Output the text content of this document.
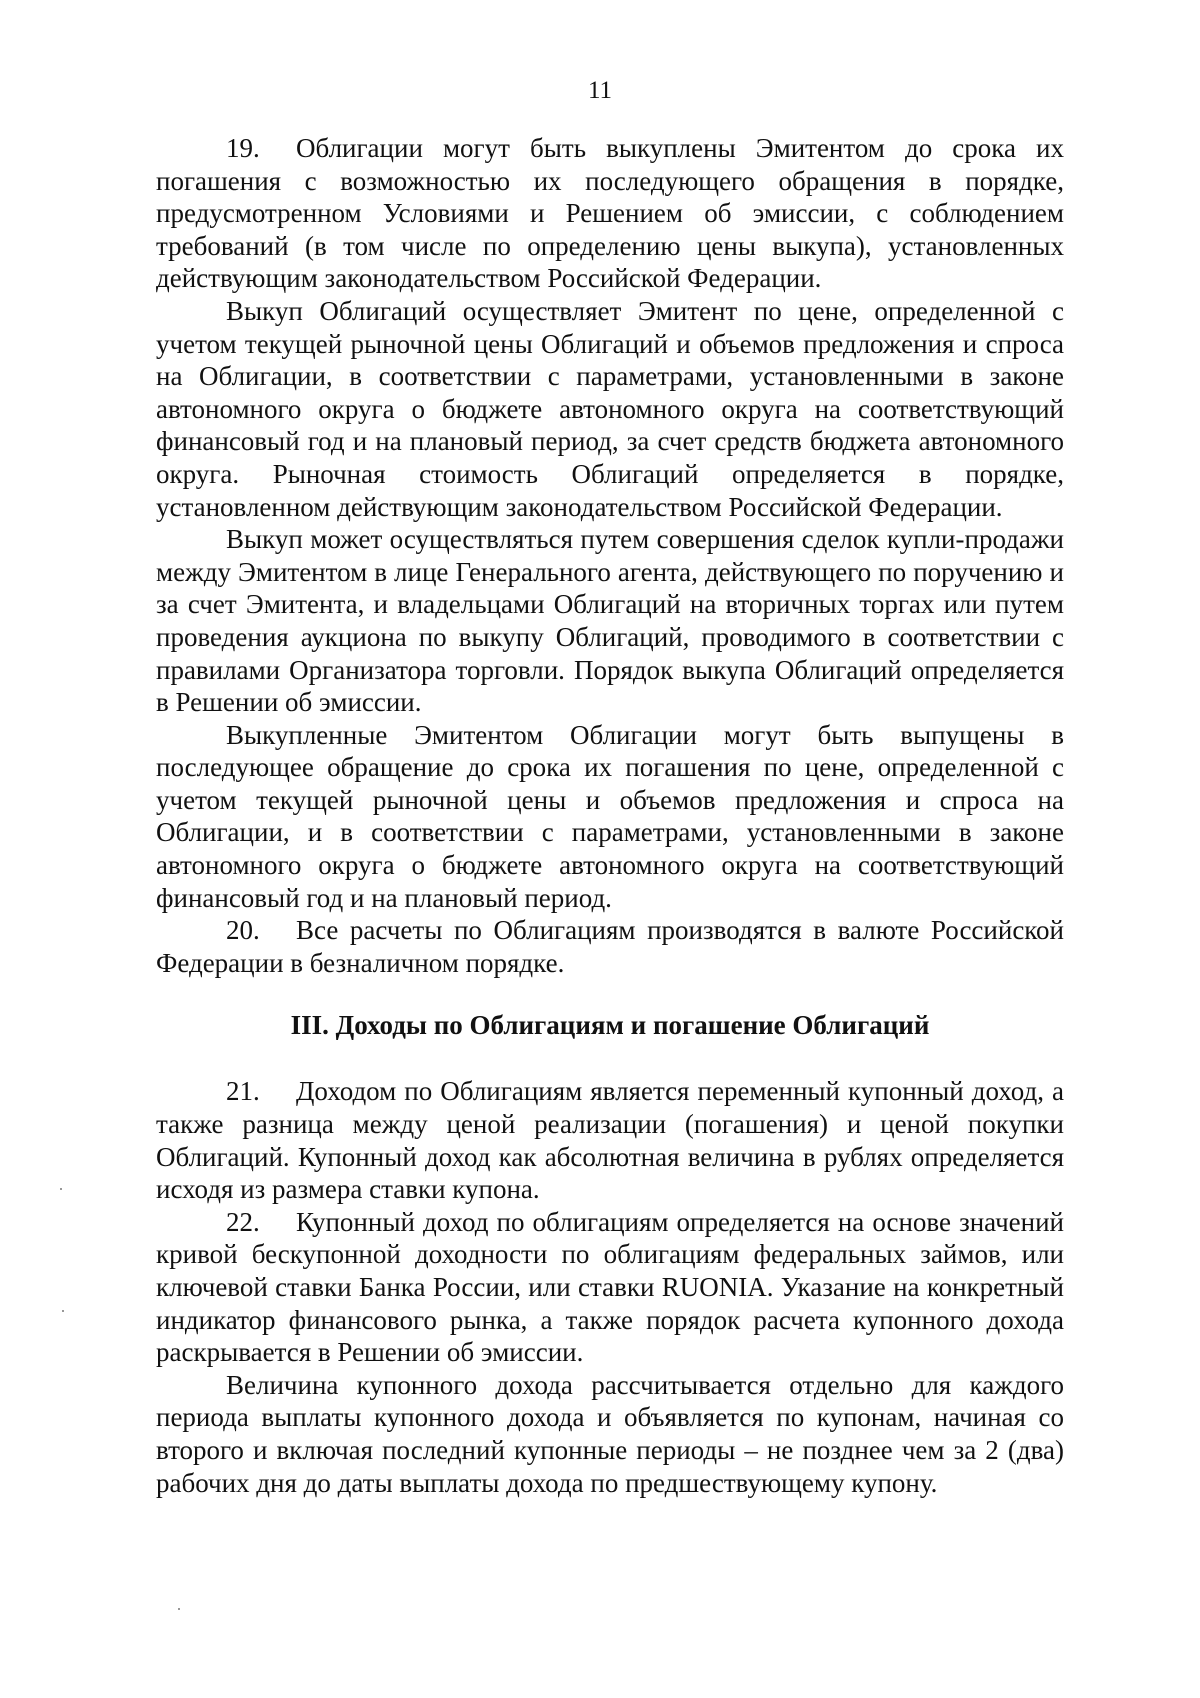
11

19. Облигации могут быть выкуплены Эмитентом до срока их погашения с возможностью их последующего обращения в порядке, предусмотренном Условиями и Решением об эмиссии, с соблюдением требований (в том числе по определению цены выкупа), установленных действующим законодательством Российской Федерации.

Выкуп Облигаций осуществляет Эмитент по цене, определенной с учетом текущей рыночной цены Облигаций и объемов предложения и спроса на Облигации, в соответствии с параметрами, установленными в законе автономного округа о бюджете автономного округа на соответствующий финансовый год и на плановый период, за счет средств бюджета автономного округа. Рыночная стоимость Облигаций определяется в порядке, установленном действующим законодательством Российской Федерации.

Выкуп может осуществляться путем совершения сделок купли-продажи между Эмитентом в лице Генерального агента, действующего по поручению и за счет Эмитента, и владельцами Облигаций на вторичных торгах или путем проведения аукциона по выкупу Облигаций, проводимого в соответствии с правилами Организатора торговли. Порядок выкупа Облигаций определяется в Решении об эмиссии.

Выкупленные Эмитентом Облигации могут быть выпущены в последующее обращение до срока их погашения по цене, определенной с учетом текущей рыночной цены и объемов предложения и спроса на Облигации, и в соответствии с параметрами, установленными в законе автономного округа о бюджете автономного округа на соответствующий финансовый год и на плановый период.

20. Все расчеты по Облигациям производятся в валюте Российской Федерации в безналичном порядке.

III. Доходы по Облигациям и погашение Облигаций

21. Доходом по Облигациям является переменный купонный доход, а также разница между ценой реализации (погашения) и ценой покупки Облигаций. Купонный доход как абсолютная величина в рублях определяется исходя из размера ставки купона.

22. Купонный доход по облигациям определяется на основе значений кривой бескупонной доходности по облигациям федеральных займов, или ключевой ставки Банка России, или ставки RUONIA. Указание на конкретный индикатор финансового рынка, а также порядок расчета купонного дохода раскрывается в Решении об эмиссии.

Величина купонного дохода рассчитывается отдельно для каждого периода выплаты купонного дохода и объявляется по купонам, начиная со второго и включая последний купонные периоды – не позднее чем за 2 (два) рабочих дня до даты выплаты дохода по предшествующему купону.
